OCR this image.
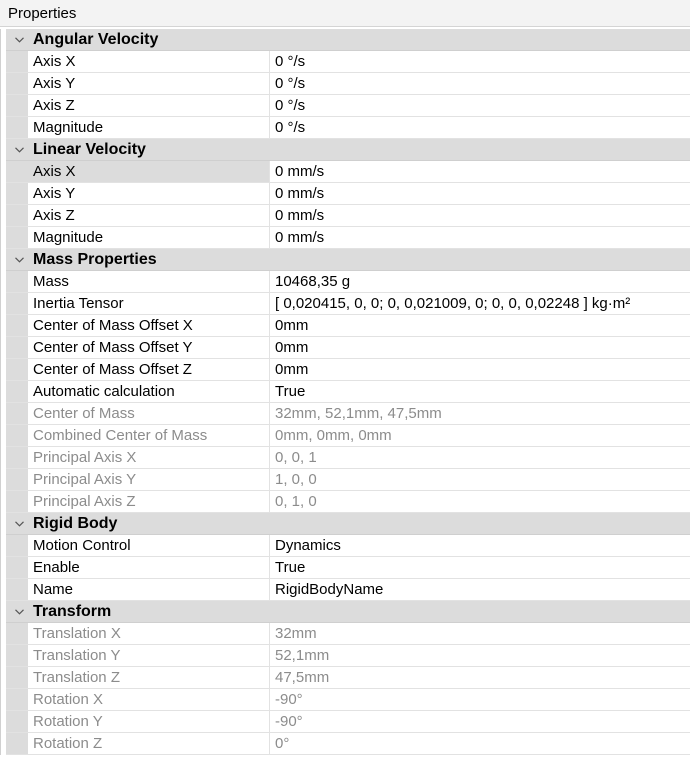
Properties
Angular Velocity
Axis X	0 °/s
Axis Y	0 °/s
Axis Z	0 °/s
Magnitude	0 °/s
Linear Velocity
Axis X	0 mm/s
Axis Y	0 mm/s
Axis Z	0 mm/s
Magnitude	0 mm/s
Mass Properties
Mass	10468,35 g
Inertia Tensor	[ 0,020415, 0, 0; 0, 0,021009, 0; 0, 0, 0,02248 ] kg·m²
Center of Mass Offset X	0mm
Center of Mass Offset Y	0mm
Center of Mass Offset Z	0mm
Automatic calculation	True
Center of Mass	32mm, 52,1mm, 47,5mm
Combined Center of Mass	0mm, 0mm, 0mm
Principal Axis X	0, 0, 1
Principal Axis Y	1, 0, 0
Principal Axis Z	0, 1, 0
Rigid Body
Motion Control	Dynamics
Enable	True
Name	RigidBodyName
Transform
Translation X	32mm
Translation Y	52,1mm
Translation Z	47,5mm
Rotation X	-90°
Rotation Y	-90°
Rotation Z	0°
